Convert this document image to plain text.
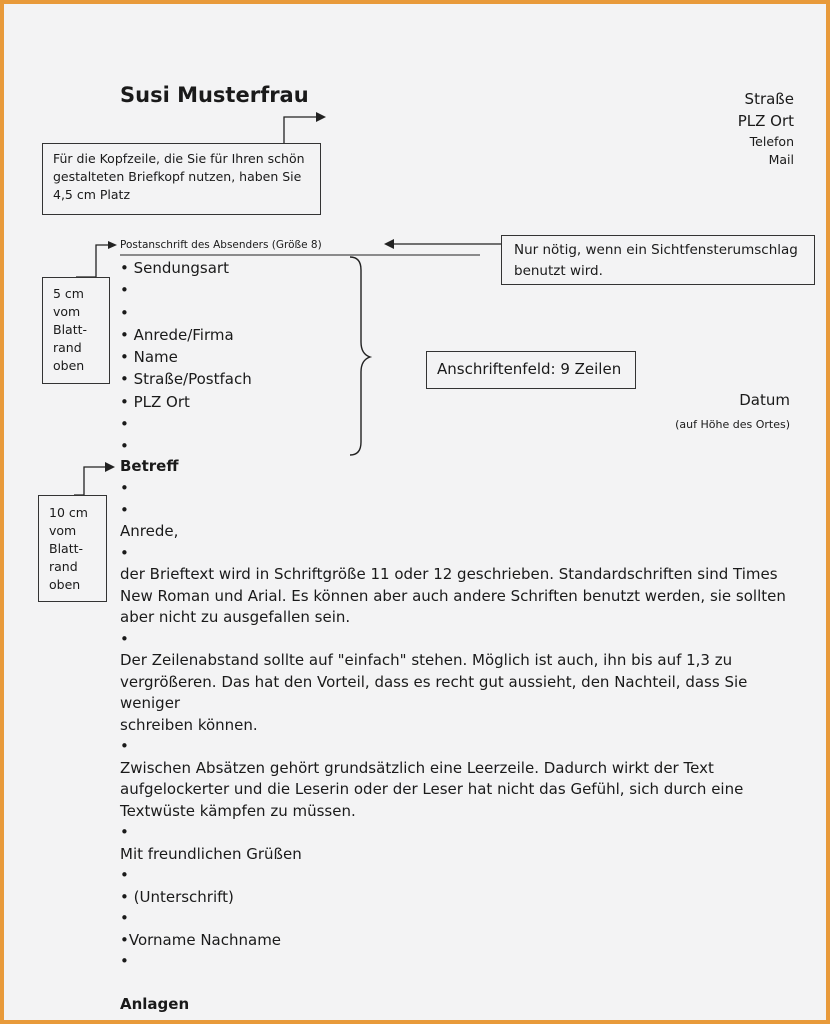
Susi Musterfrau	Straße
PLZ Ort
Telefon
Mail
Für die Kopfzeile, die Sie für Ihren schön gestalteten Briefkopf nutzen, haben Sie 4,5 cm Platz
Postanschrift des Absenders (Größe 8)	Nur nötig, wenn ein Sichtfensterumschlag benutzt wird.
5 cm
vom
Blatt-
rand
oben
• Sendungsart
•
•
• Anrede/Firma
• Name
• Straße/Postfach
• PLZ Ort
•
•
Anschriftenfeld: 9 Zeilen
Datum
(auf Höhe des Ortes)
Betreff
10 cm
vom
Blatt-
rand
oben
•
•
Anrede,
•
der Brieftext wird in Schriftgröße 11 oder 12 geschrieben. Standardschriften sind Times
New Roman und Arial. Es können aber auch andere Schriften benutzt werden, sie sollten
aber nicht zu ausgefallen sein.
•
Der Zeilenabstand sollte auf "einfach" stehen. Möglich ist auch, ihn bis auf 1,3 zu
vergrößeren. Das hat den Vorteil, dass es recht gut aussieht, den Nachteil, dass Sie weniger
schreiben können.
•
Zwischen Absätzen gehört grundsätzlich eine Leerzeile. Dadurch wirkt der Text
aufgelockerter und die Leserin oder der Leser hat nicht das Gefühl, sich durch eine
Textwüste kämpfen zu müssen.
•
Mit freundlichen Grüßen
•
• (Unterschrift)
•
•Vorname Nachname
•
Anlagen
